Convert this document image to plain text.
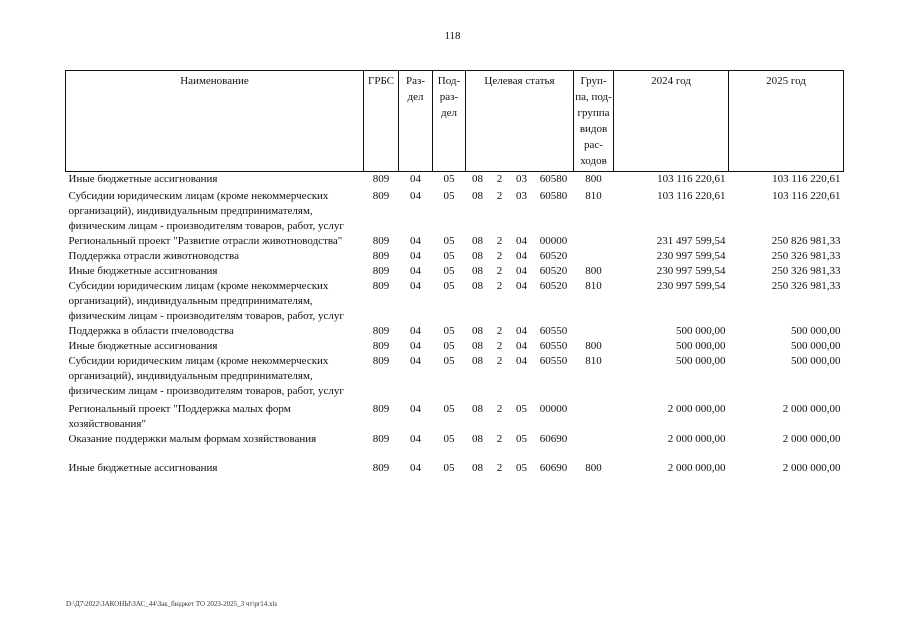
118
Наименование	ГРБС	Раз- дел	Под- раз- дел	Целевая статья				Груп- па, под- группа видов рас- ходов	2024 год	2025 год
Иные бюджетные ассигнования	809	04	05	08	2	03	60580	800	103 116 220,61	103 116 220,61
Субсидии юридическим лицам (кроме некоммерческих организаций), индивидуальным предпринимателям, физическим лицам - производителям товаров, работ, услуг	809	04	05	08	2	03	60580	810	103 116 220,61	103 116 220,61
Региональный проект "Развитие отрасли животноводства"	809	04	05	08	2	04	00000		231 497 599,54	250 826 981,33
Поддержка отрасли животноводства	809	04	05	08	2	04	60520		230 997 599,54	250 326 981,33
Иные бюджетные ассигнования	809	04	05	08	2	04	60520	800	230 997 599,54	250 326 981,33
Субсидии юридическим лицам (кроме некоммерческих организаций), индивидуальным предпринимателям, физическим лицам - производителям товаров, работ, услуг	809	04	05	08	2	04	60520	810	230 997 599,54	250 326 981,33
Поддержка в области пчеловодства	809	04	05	08	2	04	60550		500 000,00	500 000,00
Иные бюджетные ассигнования	809	04	05	08	2	04	60550	800	500 000,00	500 000,00
Субсидии юридическим лицам (кроме некоммерческих организаций), индивидуальным предпринимателям, физическим лицам - производителям товаров, работ, услуг	809	04	05	08	2	04	60550	810	500 000,00	500 000,00
Региональный проект "Поддержка малых форм хозяйствования"	809	04	05	08	2	05	00000		2 000 000,00	2 000 000,00
Оказание поддержки малым формам хозяйствования	809	04	05	08	2	05	60690		2 000 000,00	2 000 000,00
Иные бюджетные ассигнования	809	04	05	08	2	05	60690	800	2 000 000,00	2 000 000,00
D:\Д7\2022\ЗАКОНЫ\ЗАС_44\Зак_бюджет ТО 2023-2025_3 чт\pr14.xls
